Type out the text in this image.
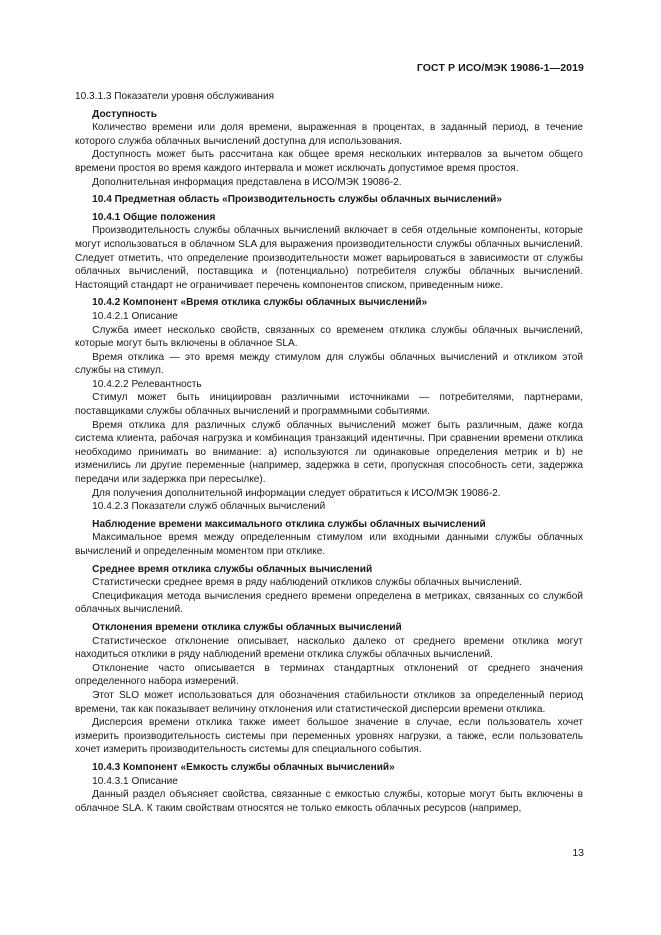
ГОСТ Р ИСО/МЭК 19086-1—2019

10.3.1.3 Показатели уровня обслуживания

Доступность

Количество времени или доля времени, выраженная в процентах, в заданный период, в течение которого служба облачных вычислений доступна для использования.

Доступность может быть рассчитана как общее время нескольких интервалов за вычетом общего времени простоя во время каждого интервала и может исключать допустимое время простоя.

Дополнительная информация представлена в ИСО/МЭК 19086-2.

10.4 Предметная область «Производительность службы облачных вычислений»

10.4.1 Общие положения

Производительность службы облачных вычислений включает в себя отдельные компоненты, которые могут использоваться в облачном SLA для выражения производительности службы облачных вычислений. Следует отметить, что определение производительности может варьироваться в зависимости от службы облачных вычислений, поставщика и (потенциально) потребителя службы облачных вычислений. Настоящий стандарт не ограничивает перечень компонентов списком, приведенным ниже.

10.4.2 Компонент «Время отклика службы облачных вычислений»

10.4.2.1 Описание

Служба имеет несколько свойств, связанных со временем отклика службы облачных вычислений, которые могут быть включены в облачное SLA.

Время отклика — это время между стимулом для службы облачных вычислений и откликом этой службы на стимул.

10.4.2.2 Релевантность

Стимул может быть инициирован различными источниками — потребителями, партнерами, поставщиками службы облачных вычислений и программными событиями.

Время отклика для различных служб облачных вычислений может быть различным, даже когда система клиента, рабочая нагрузка и комбинация транзакций идентичны. При сравнении времени отклика необходимо принимать во внимание: а) используются ли одинаковые определения метрик и b) не изменились ли другие переменные (например, задержка в сети, пропускная способность сети, задержка передачи или задержка при пересылке).

Для получения дополнительной информации следует обратиться к ИСО/МЭК 19086-2.

10.4.2.3 Показатели служб облачных вычислений

Наблюдение времени максимального отклика службы облачных вычислений

Максимальное время между определенным стимулом или входными данными службы облачных вычислений и определенным моментом при отклике.

Среднее время отклика службы облачных вычислений

Статистически среднее время в ряду наблюдений откликов службы облачных вычислений.

Спецификация метода вычисления среднего времени определена в метриках, связанных со службой облачных вычислений.

Отклонения времени отклика службы облачных вычислений

Статистическое отклонение описывает, насколько далеко от среднего времени отклика могут находиться отклики в ряду наблюдений времени отклика службы облачных вычислений.

Отклонение часто описывается в терминах стандартных отклонений от среднего значения определенного набора измерений.

Этот SLO может использоваться для обозначения стабильности откликов за определенный период времени, так как показывает величину отклонения или статистической дисперсии времени отклика.

Дисперсия времени отклика также имеет большое значение в случае, если пользователь хочет измерить производительность системы при переменных уровнях нагрузки, а также, если пользователь хочет измерить производительность системы для специального события.

10.4.3 Компонент «Емкость службы облачных вычислений»

10.4.3.1 Описание

Данный раздел объясняет свойства, связанные с емкостью службы, которые могут быть включены в облачное SLA. К таким свойствам относятся не только емкость облачных ресурсов (например,

13
